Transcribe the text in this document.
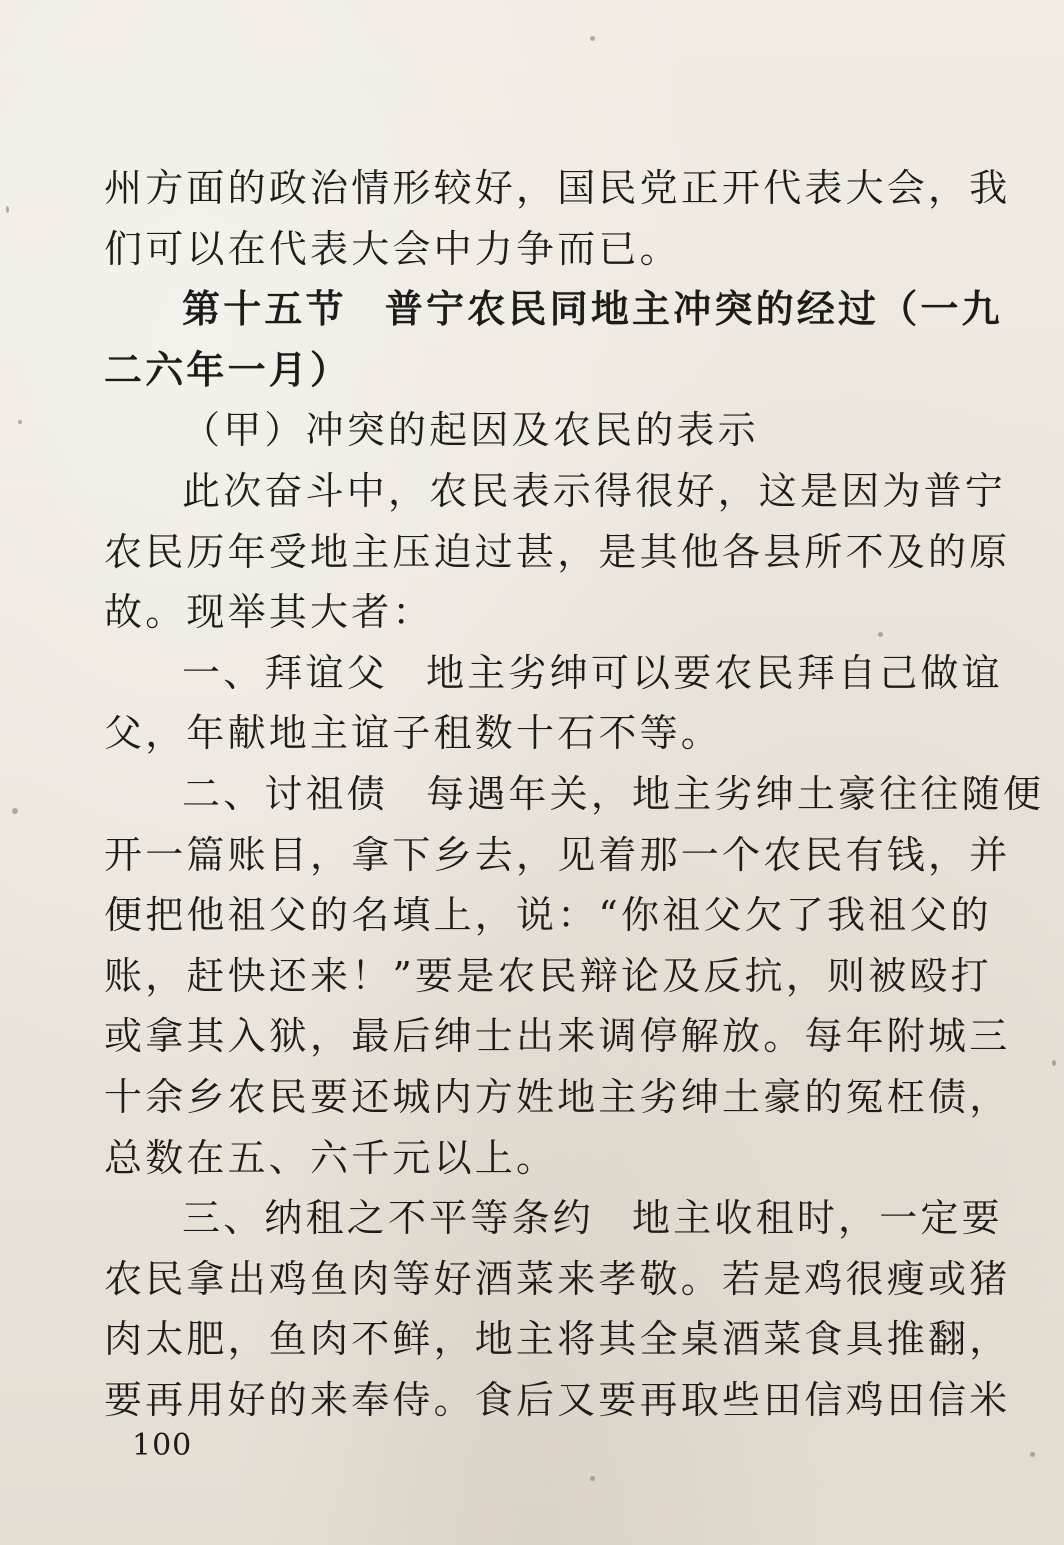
州方面的政治情形较好，国民党正开代表大会，我
们可以在代表大会中力争而已。
第十五节 普宁农民同地主冲突的经过（一九
二六年一月）
（甲）冲突的起因及农民的表示
此次奋斗中，农民表示得很好，这是因为普宁
农民历年受地主压迫过甚，是其他各县所不及的原
故。现举其大者：
一、拜谊父 地主劣绅可以要农民拜自己做谊
父，年献地主谊子租数十石不等。
二、讨祖债 每遇年关，地主劣绅土豪往往随便
开一篇账目，拿下乡去，见着那一个农民有钱，并
便把他祖父的名填上，说：“你祖父欠了我祖父的
账，赶快还来！”要是农民辩论及反抗，则被殴打
或拿其入狱，最后绅士出来调停解放。每年附城三
十余乡农民要还城内方姓地主劣绅土豪的冤枉债，
总数在五、六千元以上。
三、纳租之不平等条约 地主收租时，一定要
农民拿出鸡鱼肉等好酒菜来孝敬。若是鸡很瘦或猪
肉太肥，鱼肉不鲜，地主将其全桌酒菜食具推翻，
要再用好的来奉侍。食后又要再取些田信鸡田信米
100
